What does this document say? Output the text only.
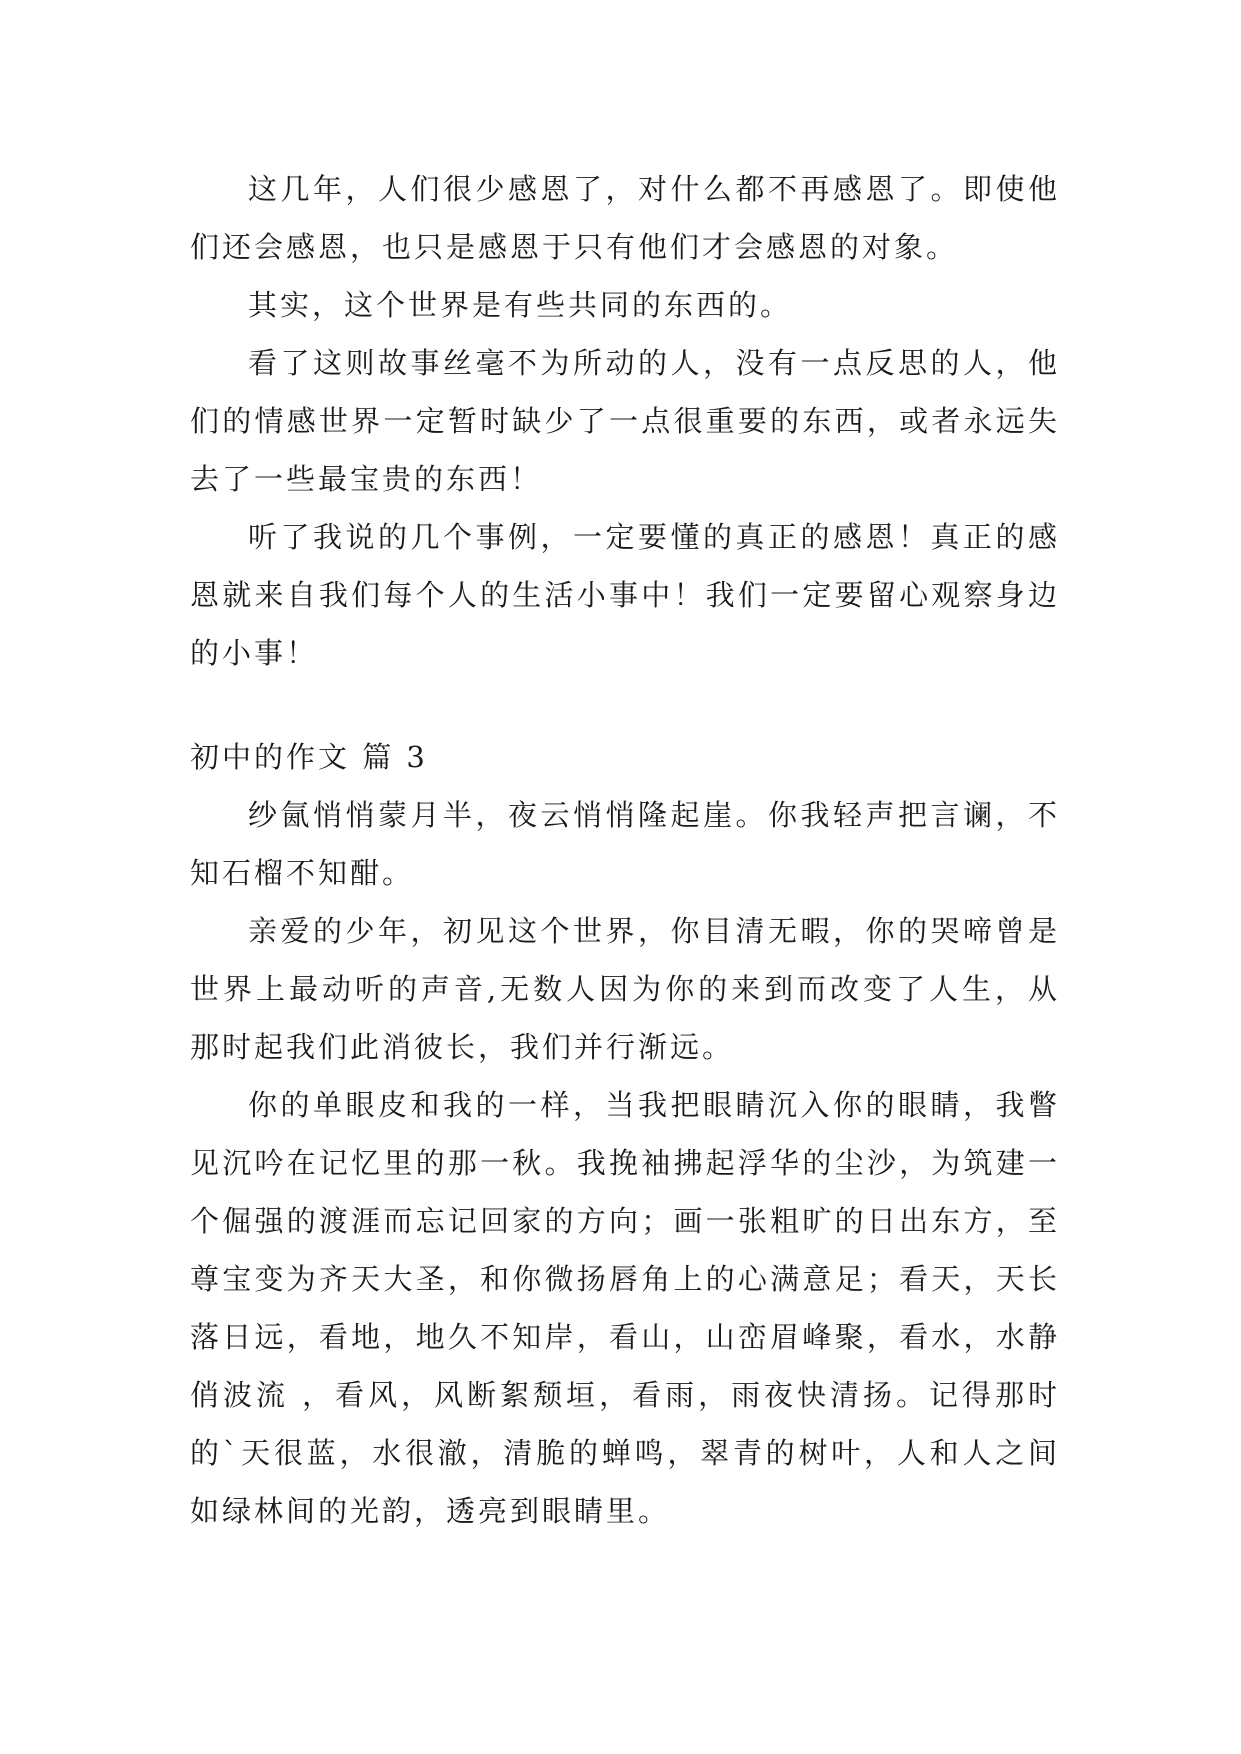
这几年，人们很少感恩了，对什么都不再感恩了。即使他们还会感恩，也只是感恩于只有他们才会感恩的对象。

其实，这个世界是有些共同的东西的。

看了这则故事丝毫不为所动的人，没有一点反思的人，他们的情感世界一定暂时缺少了一点很重要的东西，或者永远失去了一些最宝贵的东西！

听了我说的几个事例，一定要懂的真正的感恩！真正的感恩就来自我们每个人的生活小事中！我们一定要留心观察身边的小事！

初中的作文 篇 3

纱氤悄悄蒙月半，夜云悄悄隆起崖。你我轻声把言谰，不知石榴不知酣。

亲爱的少年，初见这个世界，你目清无暇，你的哭啼曾是世界上最动听的声音,无数人因为你的来到而改变了人生，从那时起我们此消彼长，我们并行渐远。

你的单眼皮和我的一样，当我把眼睛沉入你的眼睛，我瞥见沉吟在记忆里的那一秋。我挽袖拂起浮华的尘沙，为筑建一个倔强的渡涯而忘记回家的方向；画一张粗旷的日出东方，至尊宝变为齐天大圣，和你微扬唇角上的心满意足；看天，天长落日远，看地，地久不知岸，看山，山峦眉峰聚，看水，水静俏波流 ，看风，风断絮颓垣，看雨，雨夜快清扬。记得那时的`天很蓝，水很澈，清脆的蝉鸣，翠青的树叶，人和人之间如绿林间的光韵，透亮到眼睛里。
